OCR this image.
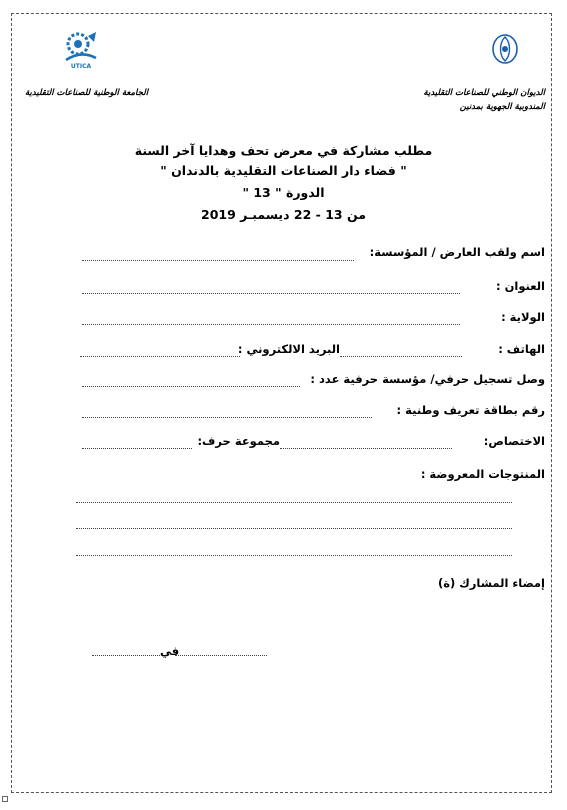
الديوان الوطني للصناعات التقليدية
المندوبية الجهوية بمدنين
UTICA
الجامعة الوطنية للصناعات التقليدية
مطلب مشاركة في معرض تحف وهدايا آخر السنة
" فضاء دار الصناعات التقليدية بالدندان "
الدورة " 13 "
من 13 - 22 ديسمبـر 2019
اسم ولقب العارض / المؤسسة:
العنوان :
الولاية :
الهاتف :
البريد الالكتروني :
وصل تسجيل حرفي/ مؤسسة حرفية عدد :
رقم بطاقة تعريف وطنية :
الاختصاص:
مجموعة حرف:
المنتوجات المعروضة :
إمضاء المشارك (ة)
في
